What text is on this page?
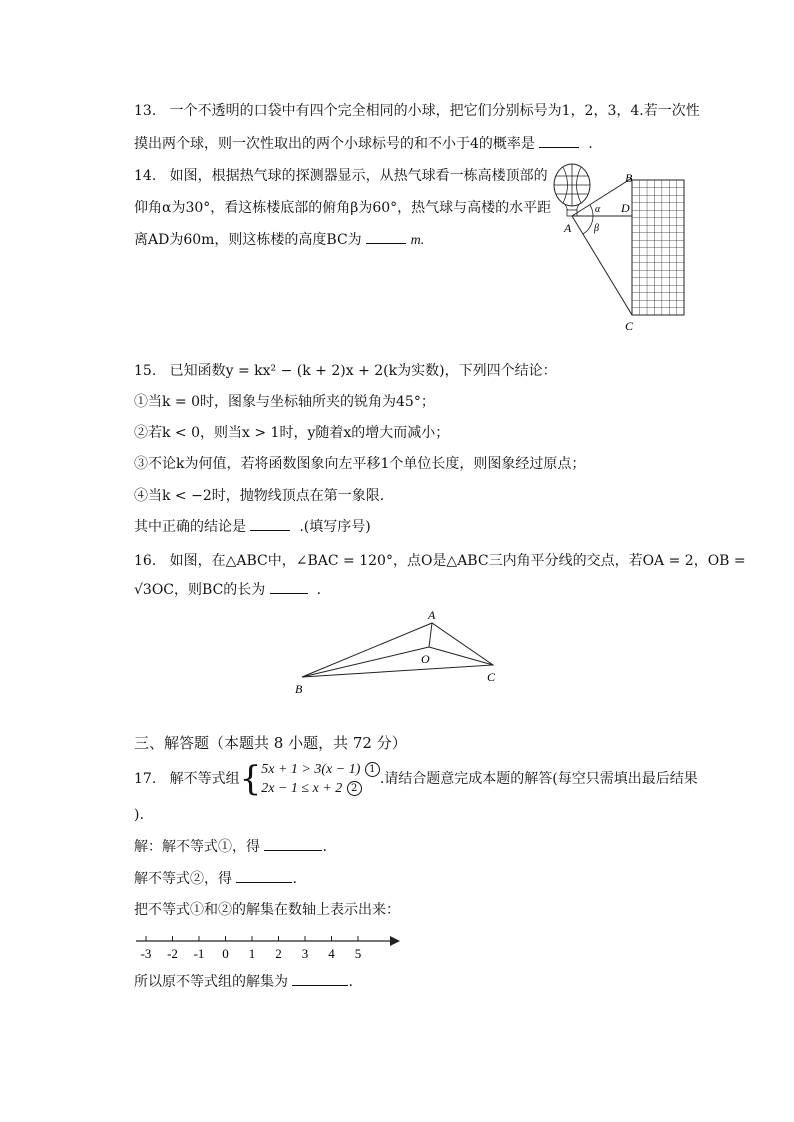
13. 一个不透明的口袋中有四个完全相同的小球，把它们分别标号为1，2，3，4.若一次性
摸出两个球，则一次性取出的两个小球标号的和不小于4的概率是	.
14. 如图，根据热气球的探测器显示，从热气球看一栋高楼顶部的
仰角α为30°，看这栋楼底部的俯角β为60°，热气球与高楼的水平距
离AD为60m，则这栋楼的高度BC为	m.
B
D
A
C
α
β
15. 已知函数y = kx² − (k + 2)x + 2(k为实数)，下列四个结论：
①当k = 0时，图象与坐标轴所夹的锐角为45°；
②若k < 0，则当x > 1时，y随着x的增大而减小；
③不论k为何值，若将函数图象向左平移1个单位长度，则图象经过原点；
④当k < −2时，抛物线顶点在第一象限.
其中正确的结论是	.(填写序号)
16. 如图，在△ABC中，∠BAC = 120°，点O是△ABC三内角平分线的交点，若OA = 2，OB =
√3OC，则BC的长为	.
A
B
C
O
三、解答题（本题共 8 小题，共 72 分）
17. 解不等式组{5x + 1 > 3(x − 1) 1
2x − 1 ≤ x + 2 2.请结合题意完成本题的解答(每空只需填出最后结果
).
解：解不等式①，得	.
解不等式②，得	.
把不等式①和②的解集在数轴上表示出来：
-3 -2 -1 0 1 2 3 4 5
所以原不等式组的解集为	.
